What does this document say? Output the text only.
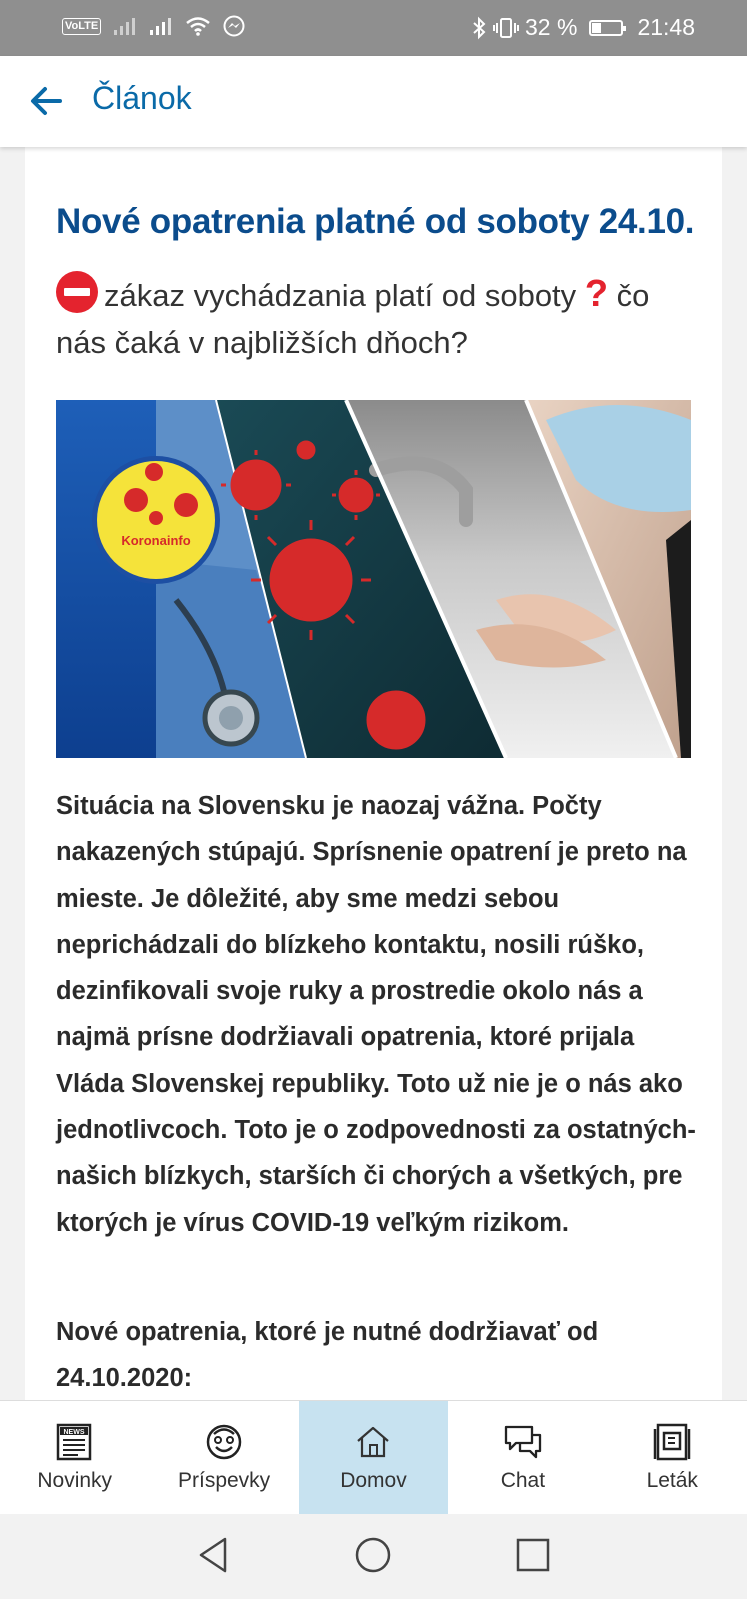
VoLTE	32 %	21:48
Článok
Nové opatrenia platné od soboty 24.10.
zákaz vychádzania platí od soboty ? čo nás čaká v najbližších dňoch?
Koronainfo
Situácia na Slovensku je naozaj vážna. Počty nakazených stúpajú. Sprísnenie opatrení je preto na mieste. Je dôležité, aby sme medzi sebou neprichádzali do blízkeho kontaktu, nosili rúško, dezinfikovali svoje ruky a prostredie okolo nás a najmä prísne dodržiavali opatrenia, ktoré prijala Vláda Slovenskej republiky. Toto už nie je o nás ako jednotlivcoch. Toto je o zodpovednosti za ostatných- našich blízkych, starších či chorých a všetkých, pre ktorých je vírus COVID-19 veľkým rizikom.
Nové opatrenia, ktoré je nutné dodržiavať od 24.10.2020:
NEWS
Novinky	Príspevky	Domov	Chat	Leták
